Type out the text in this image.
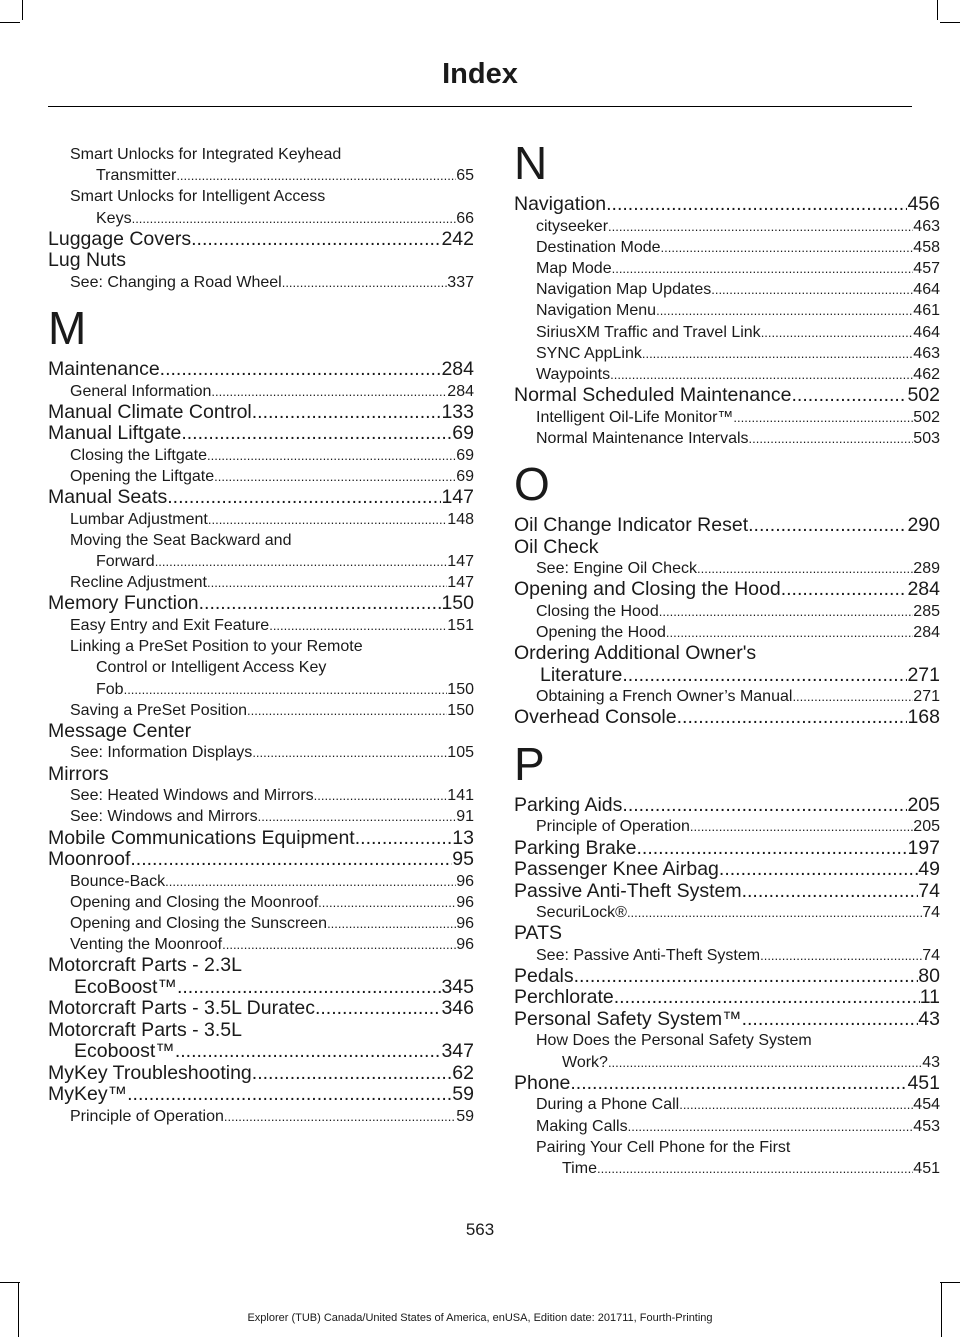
Index
Smart Unlocks for Integrated Keyhead
Transmitter .....	65
Smart Unlocks for Intelligent Access
Keys .....	66
Luggage Covers .....	242
Lug Nuts
See: Changing a Road Wheel .....	337
M
Maintenance .....	284
General Information .....	284
Manual Climate Control .....	133
Manual Liftgate .....	69
Closing the Liftgate .....	69
Opening the Liftgate .....	69
Manual Seats .....	147
Lumbar Adjustment .....	148
Moving the Seat Backward and
Forward .....	147
Recline Adjustment .....	147
Memory Function .....	150
Easy Entry and Exit Feature .....	151
Linking a PreSet Position to your Remote
Control or Intelligent Access Key
Fob .....	150
Saving a PreSet Position .....	150
Message Center
See: Information Displays .....	105
Mirrors
See: Heated Windows and Mirrors .....	141
See: Windows and Mirrors .....	91
Mobile Communications Equipment .....	13
Moonroof .....	95
Bounce-Back .....	96
Opening and Closing the Moonroof .....	96
Opening and Closing the Sunscreen .....	96
Venting the Moonroof .....	96
Motorcraft Parts - 2.3L
EcoBoost™ .....	345
Motorcraft Parts - 3.5L Duratec .....	346
Motorcraft Parts - 3.5L
Ecoboost™ .....	347
MyKey Troubleshooting .....	62
MyKey™ .....	59
Principle of Operation .....	59
N
Navigation .....	456
cityseeker .....	463
Destination Mode .....	458
Map Mode .....	457
Navigation Map Updates .....	464
Navigation Menu .....	461
SiriusXM Traffic and Travel Link .....	464
SYNC AppLink .....	463
Waypoints .....	462
Normal Scheduled Maintenance .....	502
Intelligent Oil-Life Monitor™ .....	502
Normal Maintenance Intervals .....	503
O
Oil Change Indicator Reset .....	290
Oil Check
See: Engine Oil Check .....	289
Opening and Closing the Hood .....	284
Closing the Hood .....	285
Opening the Hood .....	284
Ordering Additional Owner's
Literature .....	271
Obtaining a French Owner’s Manual .....	271
Overhead Console .....	168
P
Parking Aids .....	205
Principle of Operation .....	205
Parking Brake .....	197
Passenger Knee Airbag .....	49
Passive Anti-Theft System .....	74
SecuriLock® .....	74
PATS
See: Passive Anti-Theft System .....	74
Pedals .....	80
Perchlorate .....	11
Personal Safety System™ .....	43
How Does the Personal Safety System
Work? .....	43
Phone .....	451
During a Phone Call .....	454
Making Calls .....	453
Pairing Your Cell Phone for the First
Time .....	451
563
Explorer (TUB) Canada/United States of America, enUSA, Edition date: 201711, Fourth-Printing
